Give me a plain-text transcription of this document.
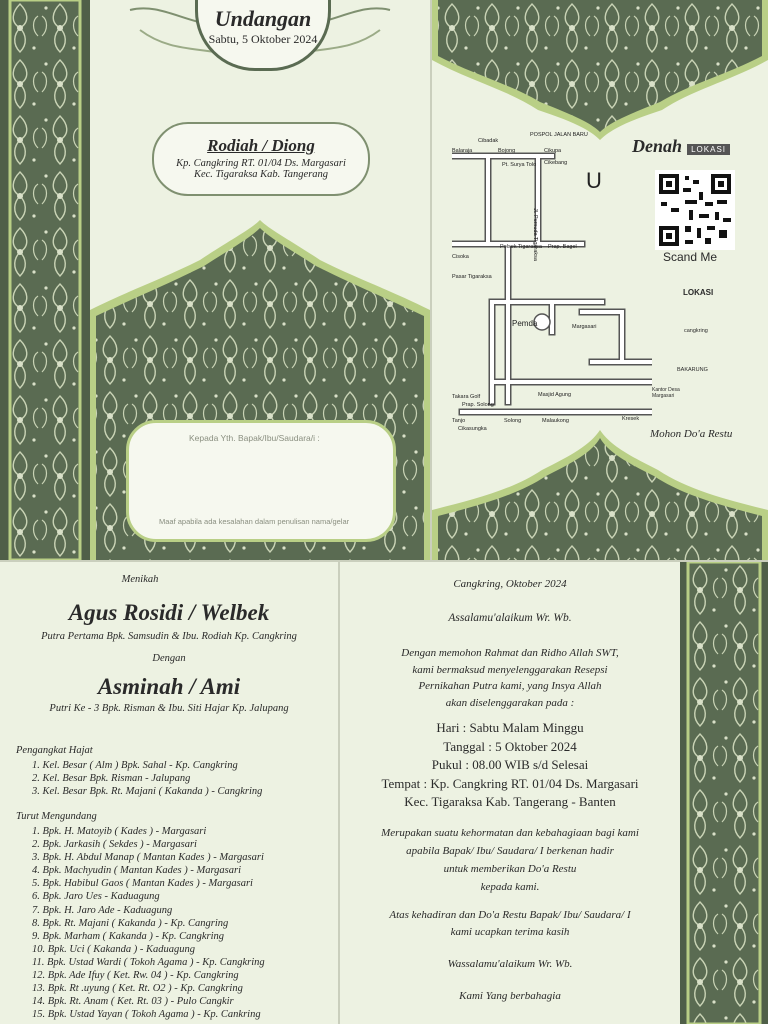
Undangan
Sabtu, 5 Oktober 2024
Rodiah / Diong
Kp. Cangkring RT. 01/04 Ds. Margasari
Kec. Tigaraksa Kab. Tangerang
Kepada Yth. Bapak/Ibu/Saudara/i :
Maaf apabila ada kesalahan dalam penulisan nama/gelar
Cibadak
POSPOL JALAN BARU
Balaraja	Bojong	Cikupa
Cikebang
Pt. Surya Tolo
Polsek Tigaraksa Prap. Bagel
Cisoka
Pasar Tigaraksa
Pemda	Margasari
Takara Golf
Prap. Solong
Masjid Agung
Tanjo	Solong	Malaukong	Kresek
Cikasungka
Jl. Pemuda Tigaraksa
U
Denah LOKASI
Scand Me
LOKASI
cangkring
BAKARUNG
Kantor Desa Margasari
Mohon Do'a Restu
Menikah
Agus Rosidi / Welbek
Putra Pertama Bpk. Samsudin & Ibu. Rodiah Kp. Cangkring
Dengan
Asminah / Ami
Putri Ke - 3 Bpk. Risman & Ibu. Siti Hajar Kp. Jalupang
Pengangkat Hajat
1. Kel. Besar ( Alm ) Bpk. Sahal - Kp. Cangkring
2. Kel. Besar Bpk. Risman - Jalupang
3. Kel. Besar Bpk. Rt. Majani ( Kakanda ) - Cangkring
Turut Mengundang
1. Bpk. H. Matoyib ( Kades ) - Margasari
2. Bpk. Jarkasih ( Sekdes ) - Margasari
3. Bpk. H. Abdul Manap ( Mantan Kades ) - Margasari
4. Bpk. Machyudin ( Mantan Kades ) - Margasari
5. Bpk. Habibul Gaos ( Mantan Kades ) - Margasari
6. Bpk. Jaro Ues - Kaduagung
7. Bpk. H. Jaro Ade - Kaduagung
8. Bpk. Rt. Majani ( Kakanda ) - Kp. Cangring
9. Bpk. Marham ( Kakanda ) - Kp. Cangkring
10. Bpk. Uci ( Kakanda ) - Kaduagung
11. Bpk. Ustad Wardi ( Tokoh Agama ) - Kp. Cangkring
12. Bpk. Ade Ifuy ( Ket. Rw. 04 ) - Kp. Cangkring
13. Bpk. Rt .uyung ( Ket. Rt. O2 ) - Kp. Cangkring
14. Bpk. Rt. Anam ( Ket. Rt. 03 ) - Pulo Cangkir
15. Bpk. Ustad Yayan ( Tokoh Agama ) - Kp. Cankring
Cangkring, Oktober 2024
Assalamu'alaikum Wr. Wb.
Dengan memohon Rahmat dan Ridho Allah SWT,
kami bermaksud menyelenggarakan Resepsi
Pernikahan Putra kami, yang Insya Allah
akan diselenggarakan pada :
Hari : Sabtu Malam Minggu
Tanggal : 5 Oktober 2024
Pukul : 08.00 WIB s/d Selesai
Tempat : Kp. Cangkring RT. 01/04 Ds. Margasari
Kec. Tigaraksa Kab. Tangerang - Banten
Merupakan suatu kehormatan dan kebahagiaan bagi kami
apabila Bapak/ Ibu/ Saudara/ I berkenan hadir
untuk memberikan Do'a Restu
kepada kami.
Atas kehadiran dan Do'a Restu Bapak/ Ibu/ Saudara/ I
kami ucapkan terima kasih
Wassalamu'alaikum Wr. Wb.
Kami Yang berbahagia
